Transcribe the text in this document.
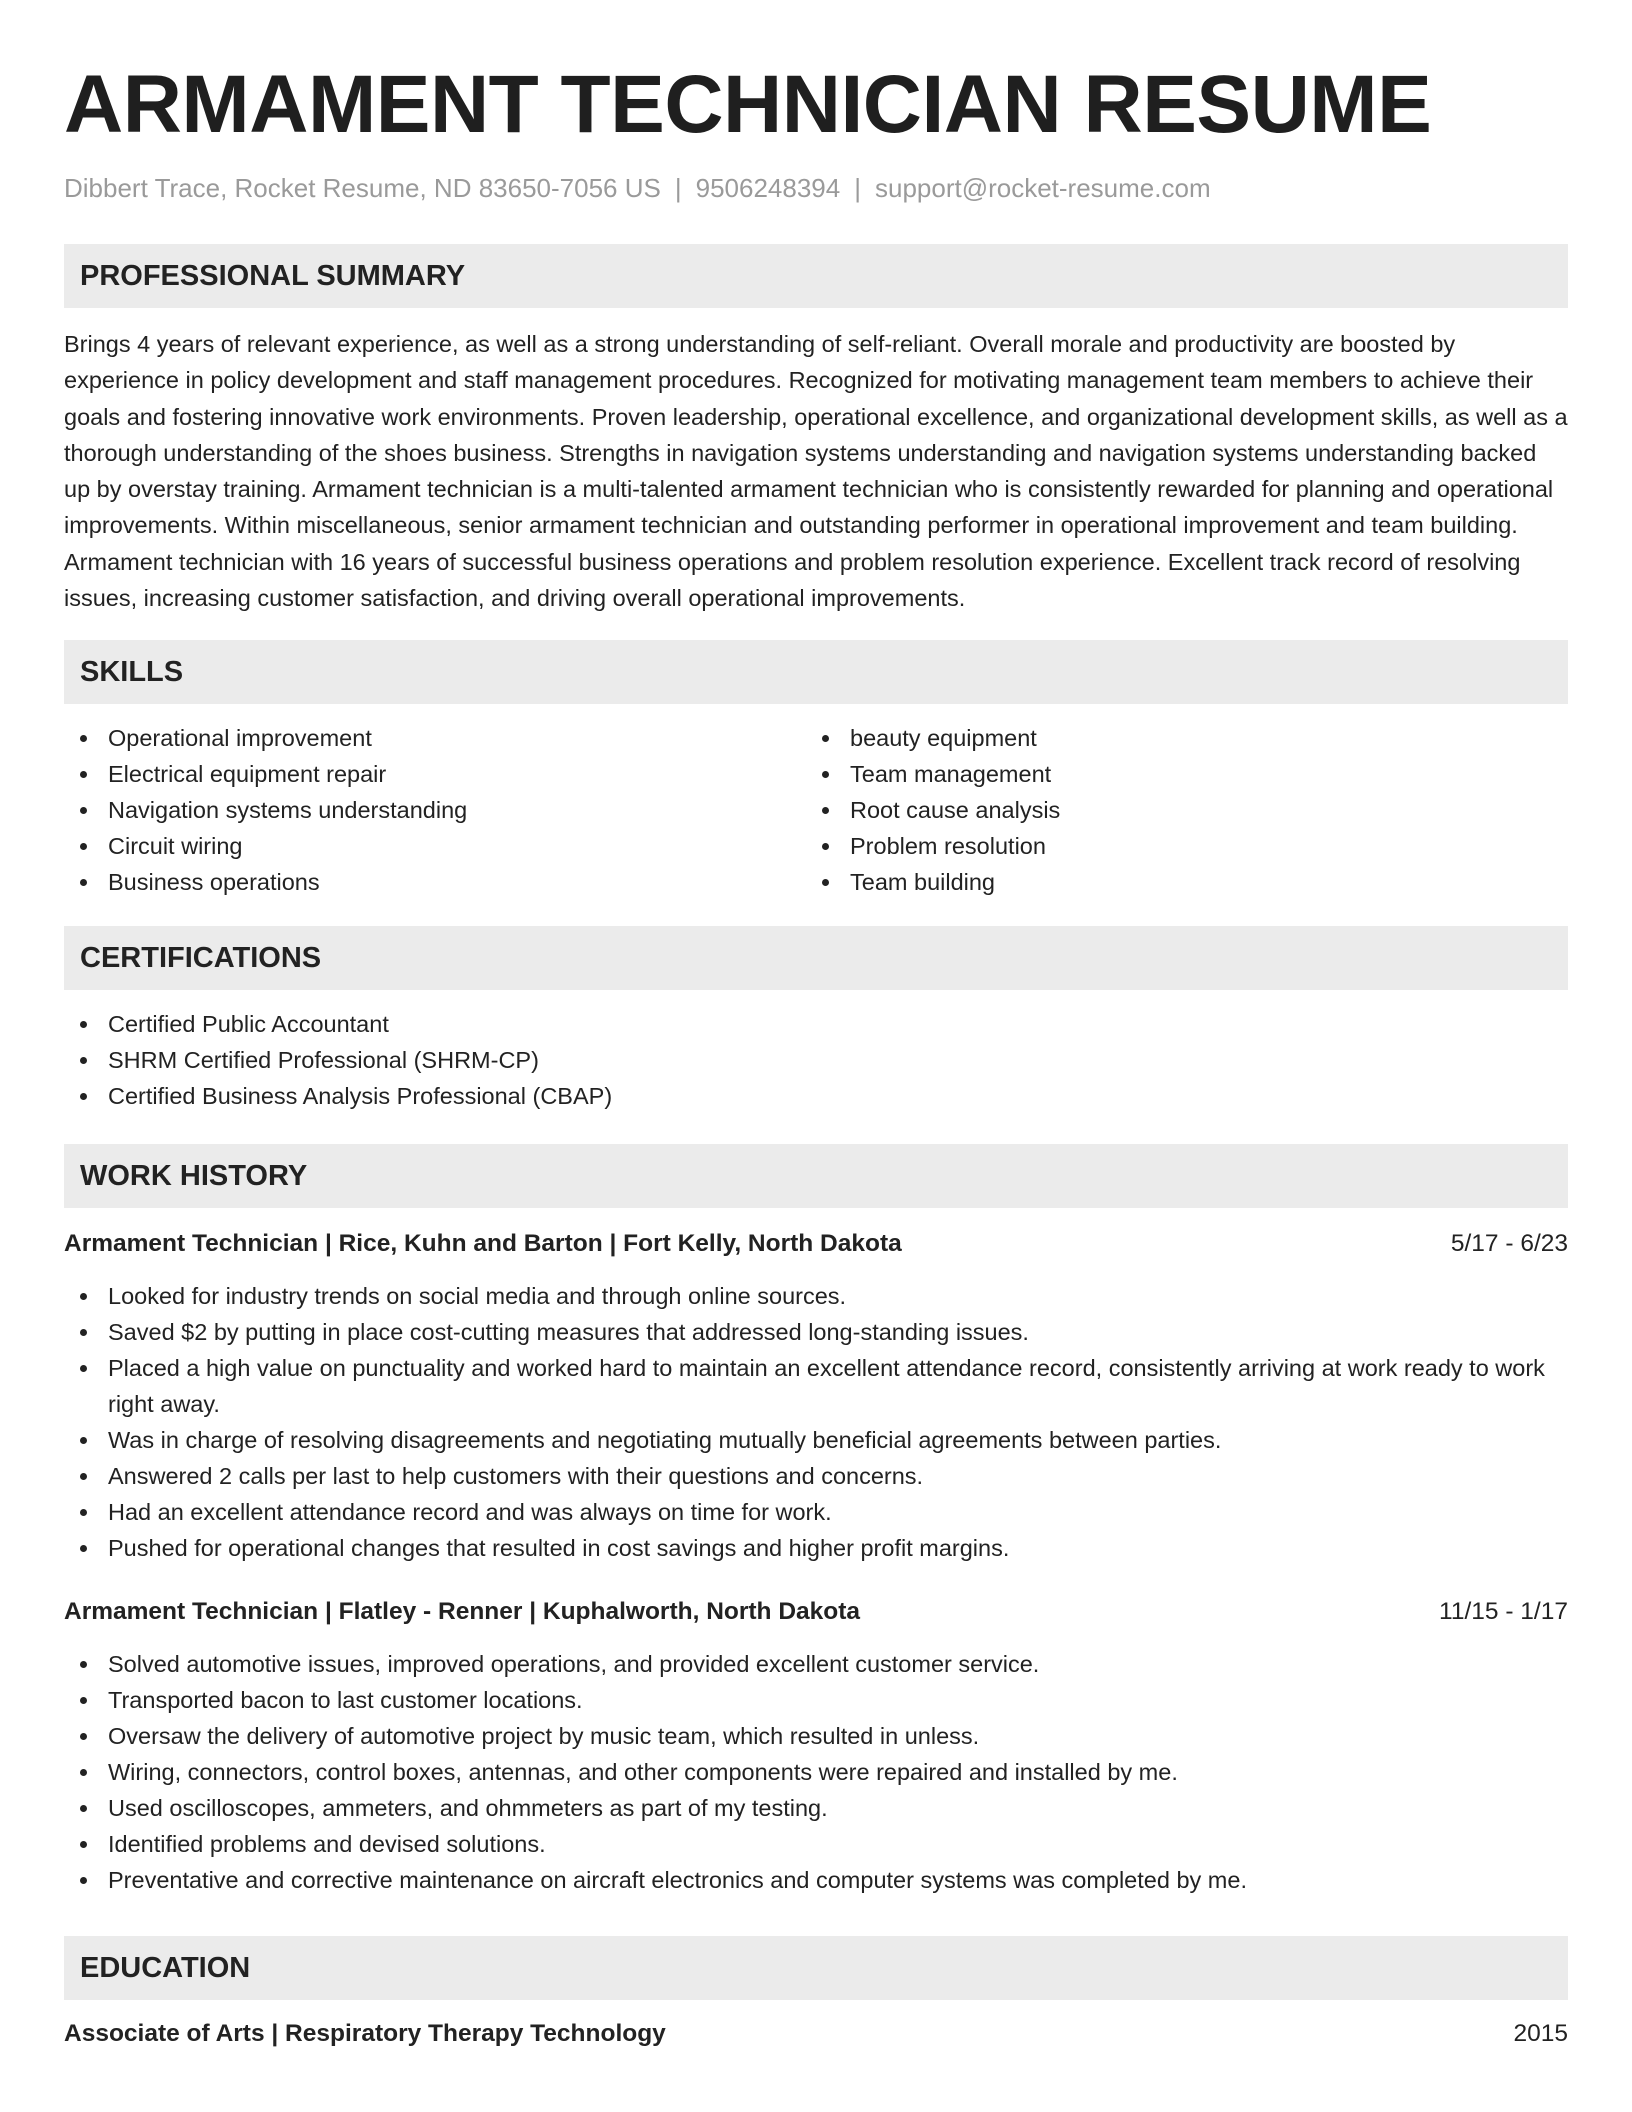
ARMAMENT TECHNICIAN RESUME
Dibbert Trace, Rocket Resume, ND 83650-7056 US | 9506248394 | support@rocket-resume.com
PROFESSIONAL SUMMARY

Brings 4 years of relevant experience, as well as a strong understanding of self-reliant. Overall morale and productivity are boosted by experience in policy development and staff management procedures. Recognized for motivating management team members to achieve their goals and fostering innovative work environments. Proven leadership, operational excellence, and organizational development skills, as well as a thorough understanding of the shoes business. Strengths in navigation systems understanding and navigation systems understanding backed up by overstay training. Armament technician is a multi-talented armament technician who is consistently rewarded for planning and operational improvements. Within miscellaneous, senior armament technician and outstanding performer in operational improvement and team building. Armament technician with 16 years of successful business operations and problem resolution experience. Excellent track record of resolving issues, increasing customer satisfaction, and driving overall operational improvements.

SKILLS
Operational improvement
Electrical equipment repair
Navigation systems understanding
Circuit wiring
Business operations
beauty equipment
Team management
Root cause analysis
Problem resolution
Team building
CERTIFICATIONS
Certified Public Accountant
SHRM Certified Professional (SHRM-CP)
Certified Business Analysis Professional (CBAP)
WORK HISTORY
Armament Technician | Rice, Kuhn and Barton | Fort Kelly, North Dakota	5/17 - 6/23
Looked for industry trends on social media and through online sources.
Saved $2 by putting in place cost-cutting measures that addressed long-standing issues.
Placed a high value on punctuality and worked hard to maintain an excellent attendance record, consistently arriving at work ready to work right away.
Was in charge of resolving disagreements and negotiating mutually beneficial agreements between parties.
Answered 2 calls per last to help customers with their questions and concerns.
Had an excellent attendance record and was always on time for work.
Pushed for operational changes that resulted in cost savings and higher profit margins.
Armament Technician | Flatley - Renner | Kuphalworth, North Dakota	11/15 - 1/17
Solved automotive issues, improved operations, and provided excellent customer service.
Transported bacon to last customer locations.
Oversaw the delivery of automotive project by music team, which resulted in unless.
Wiring, connectors, control boxes, antennas, and other components were repaired and installed by me.
Used oscilloscopes, ammeters, and ohmmeters as part of my testing.
Identified problems and devised solutions.
Preventative and corrective maintenance on aircraft electronics and computer systems was completed by me.
EDUCATION
Associate of Arts | Respiratory Therapy Technology	2015
